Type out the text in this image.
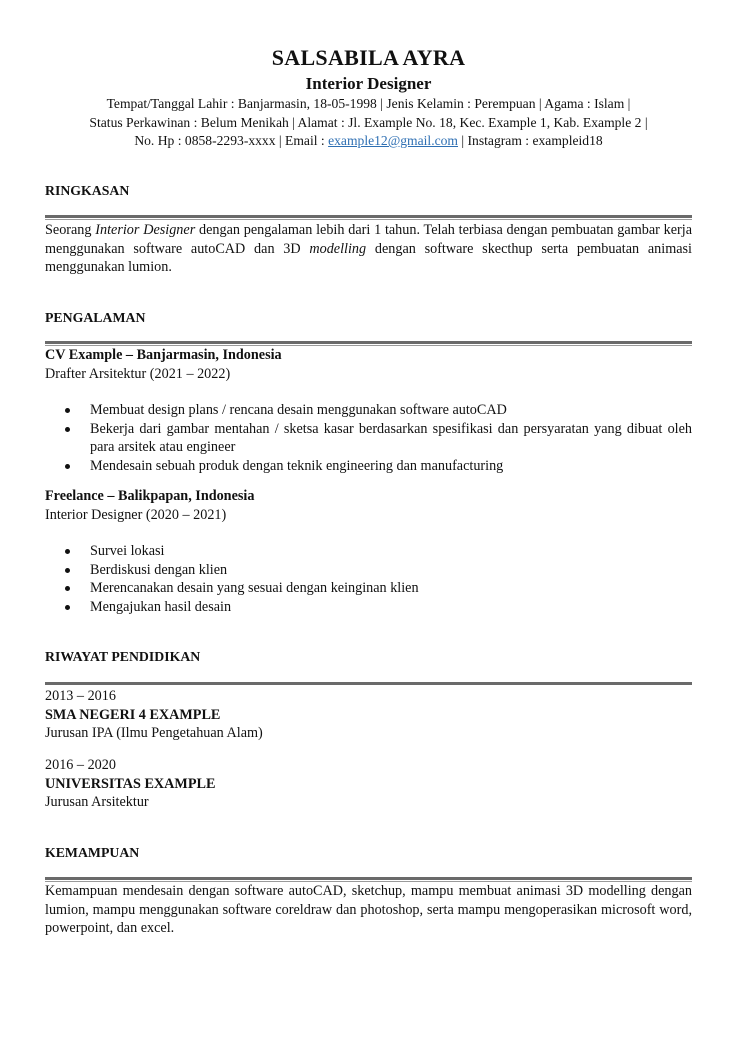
SALSABILA AYRA
Interior Designer
Tempat/Tanggal Lahir : Banjarmasin, 18-05-1998 | Jenis Kelamin : Perempuan | Agama : Islam |
Status Perkawinan : Belum Menikah | Alamat : Jl. Example No. 18, Kec. Example 1, Kab. Example 2 |
No. Hp : 0858-2293-xxxx | Email : example12@gmail.com | Instagram : exampleid18
RINGKASAN
Seorang Interior Designer dengan pengalaman lebih dari 1 tahun. Telah terbiasa dengan pembuatan gambar kerja menggunakan software autoCAD dan 3D modelling dengan software skecthup serta pembuatan animasi menggunakan lumion.
PENGALAMAN
CV Example – Banjarmasin, Indonesia
Drafter Arsitektur (2021 – 2022)
Membuat design plans / rencana desain menggunakan software autoCAD
Bekerja dari gambar mentahan / sketsa kasar berdasarkan spesifikasi dan persyaratan yang dibuat oleh para arsitek atau engineer
Mendesain sebuah produk dengan teknik engineering dan manufacturing
Freelance – Balikpapan, Indonesia
Interior Designer (2020 – 2021)
Survei lokasi
Berdiskusi dengan klien
Merencanakan desain yang sesuai dengan keinginan klien
Mengajukan hasil desain
RIWAYAT PENDIDIKAN
2013 – 2016
SMA NEGERI 4 EXAMPLE
Jurusan IPA (Ilmu Pengetahuan Alam)
2016 – 2020
UNIVERSITAS EXAMPLE
Jurusan Arsitektur
KEMAMPUAN
Kemampuan mendesain dengan software autoCAD, sketchup, mampu membuat animasi 3D modelling dengan lumion, mampu menggunakan software coreldraw dan photoshop, serta mampu mengoperasikan microsoft word, powerpoint, dan excel.
